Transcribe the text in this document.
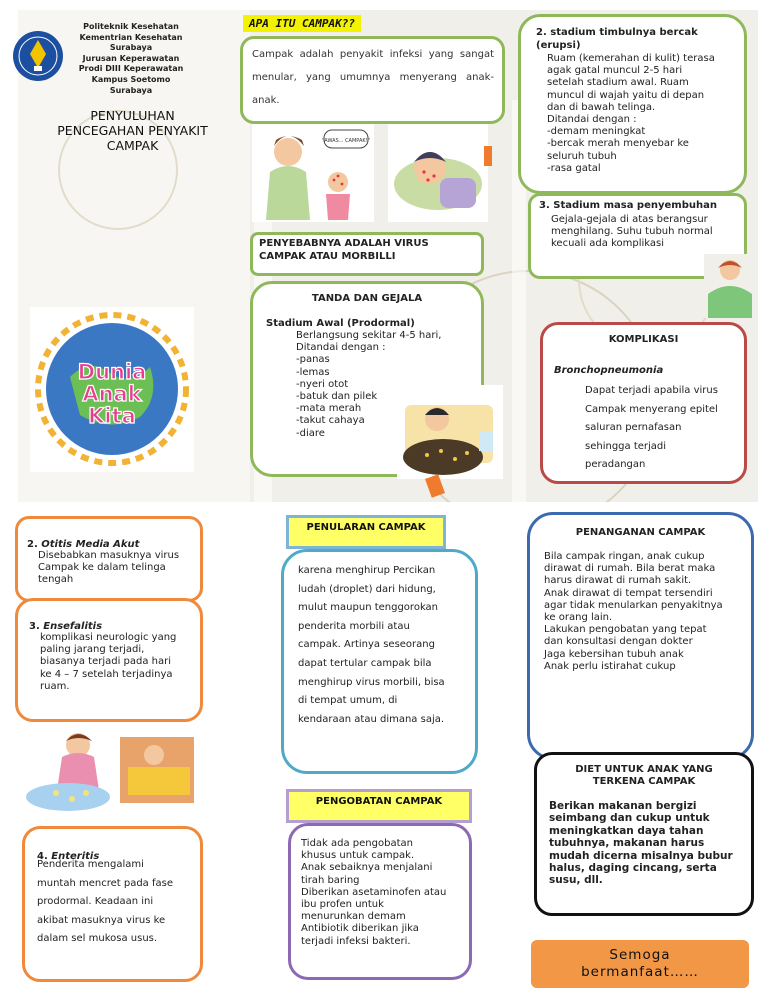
Politeknik Kesehatan
Kementrian Kesehatan
Surabaya
Jurusan Keperawatan
Prodi DIII Keperawatan
Kampus Soetomo Surabaya
PENYULUHAN
PENCEGAHAN PENYAKIT
CAMPAK
APA ITU CAMPAK??
Campak adalah penyakit infeksi yang sangat menular, yang umumnya menyerang anak-anak.
"AWAS... CAMPAK!"
PENYEBABNYA ADALAH VIRUS
CAMPAK ATAU MORBILLI
Dunia
Anak
Kita
TANDA DAN GEJALA
Stadium Awal (Prodormal)
Berlangsung sekitar 4-5 hari,
Ditandai dengan :
-panas
-lemas
-nyeri otot
-batuk dan pilek
-mata merah
-takut cahaya
-diare
2. stadium timbulnya bercak
(erupsi)
Ruam (kemerahan di kulit) terasa
agak gatal muncul 2-5 hari
setelah stadium awal. Ruam
muncul di wajah yaitu di depan
dan di bawah telinga.
Ditandai dengan :
-demam meningkat
-bercak merah menyebar ke
seluruh tubuh
-rasa gatal
3. Stadium masa penyembuhan
Gejala-gejala di atas berangsur
menghilang. Suhu tubuh normal
kecuali ada komplikasi
KOMPLIKASI
Bronchopneumonia
Dapat terjadi apabila virus
Campak menyerang epitel
saluran pernafasan
sehingga terjadi
peradangan

2. Otitis Media Akut

Disebabkan masuknya virus
Campak ke dalam telinga
tengah

3. Ensefalitis

komplikasi neurologic yang
paling jarang terjadi,
biasanya terjadi pada hari
ke 4 – 7 setelah terjadinya
ruam.

4. Enteritis

Penderita mengalami
muntah mencret pada fase
prodormal. Keadaan ini
akibat masuknya virus ke
dalam sel mukosa usus.
PENULARAN CAMPAK
karena menghirup Percikan
ludah (droplet) dari hidung,
mulut maupun tenggorokan
penderita morbili atau
campak. Artinya seseorang
dapat tertular campak bila
menghirup virus morbili, bisa
di tempat umum, di
kendaraan atau dimana saja.
PENGOBATAN CAMPAK
Tidak ada pengobatan
khusus untuk campak.
Anak sebaiknya menjalani
tirah baring
Diberikan asetaminofen atau
ibu profen untuk
menurunkan demam
Antibiotik diberikan jika
terjadi infeksi bakteri.
PENANGANAN CAMPAK
Bila campak ringan, anak cukup
dirawat di rumah. Bila berat maka
harus dirawat di rumah sakit.
Anak dirawat di tempat tersendiri
agar tidak menularkan penyakitnya
ke orang lain.
Lakukan pengobatan yang tepat
dan konsultasi dengan dokter
Jaga kebersihan tubuh anak
Anak perlu istirahat cukup
DIET UNTUK ANAK YANG
TERKENA CAMPAK
Berikan makanan bergizi
seimbang dan cukup untuk
meningkatkan daya tahan
tubuhnya, makanan harus
mudah dicerna misalnya bubur
halus, daging cincang, serta
susu, dll.
Semoga
bermanfaat……
